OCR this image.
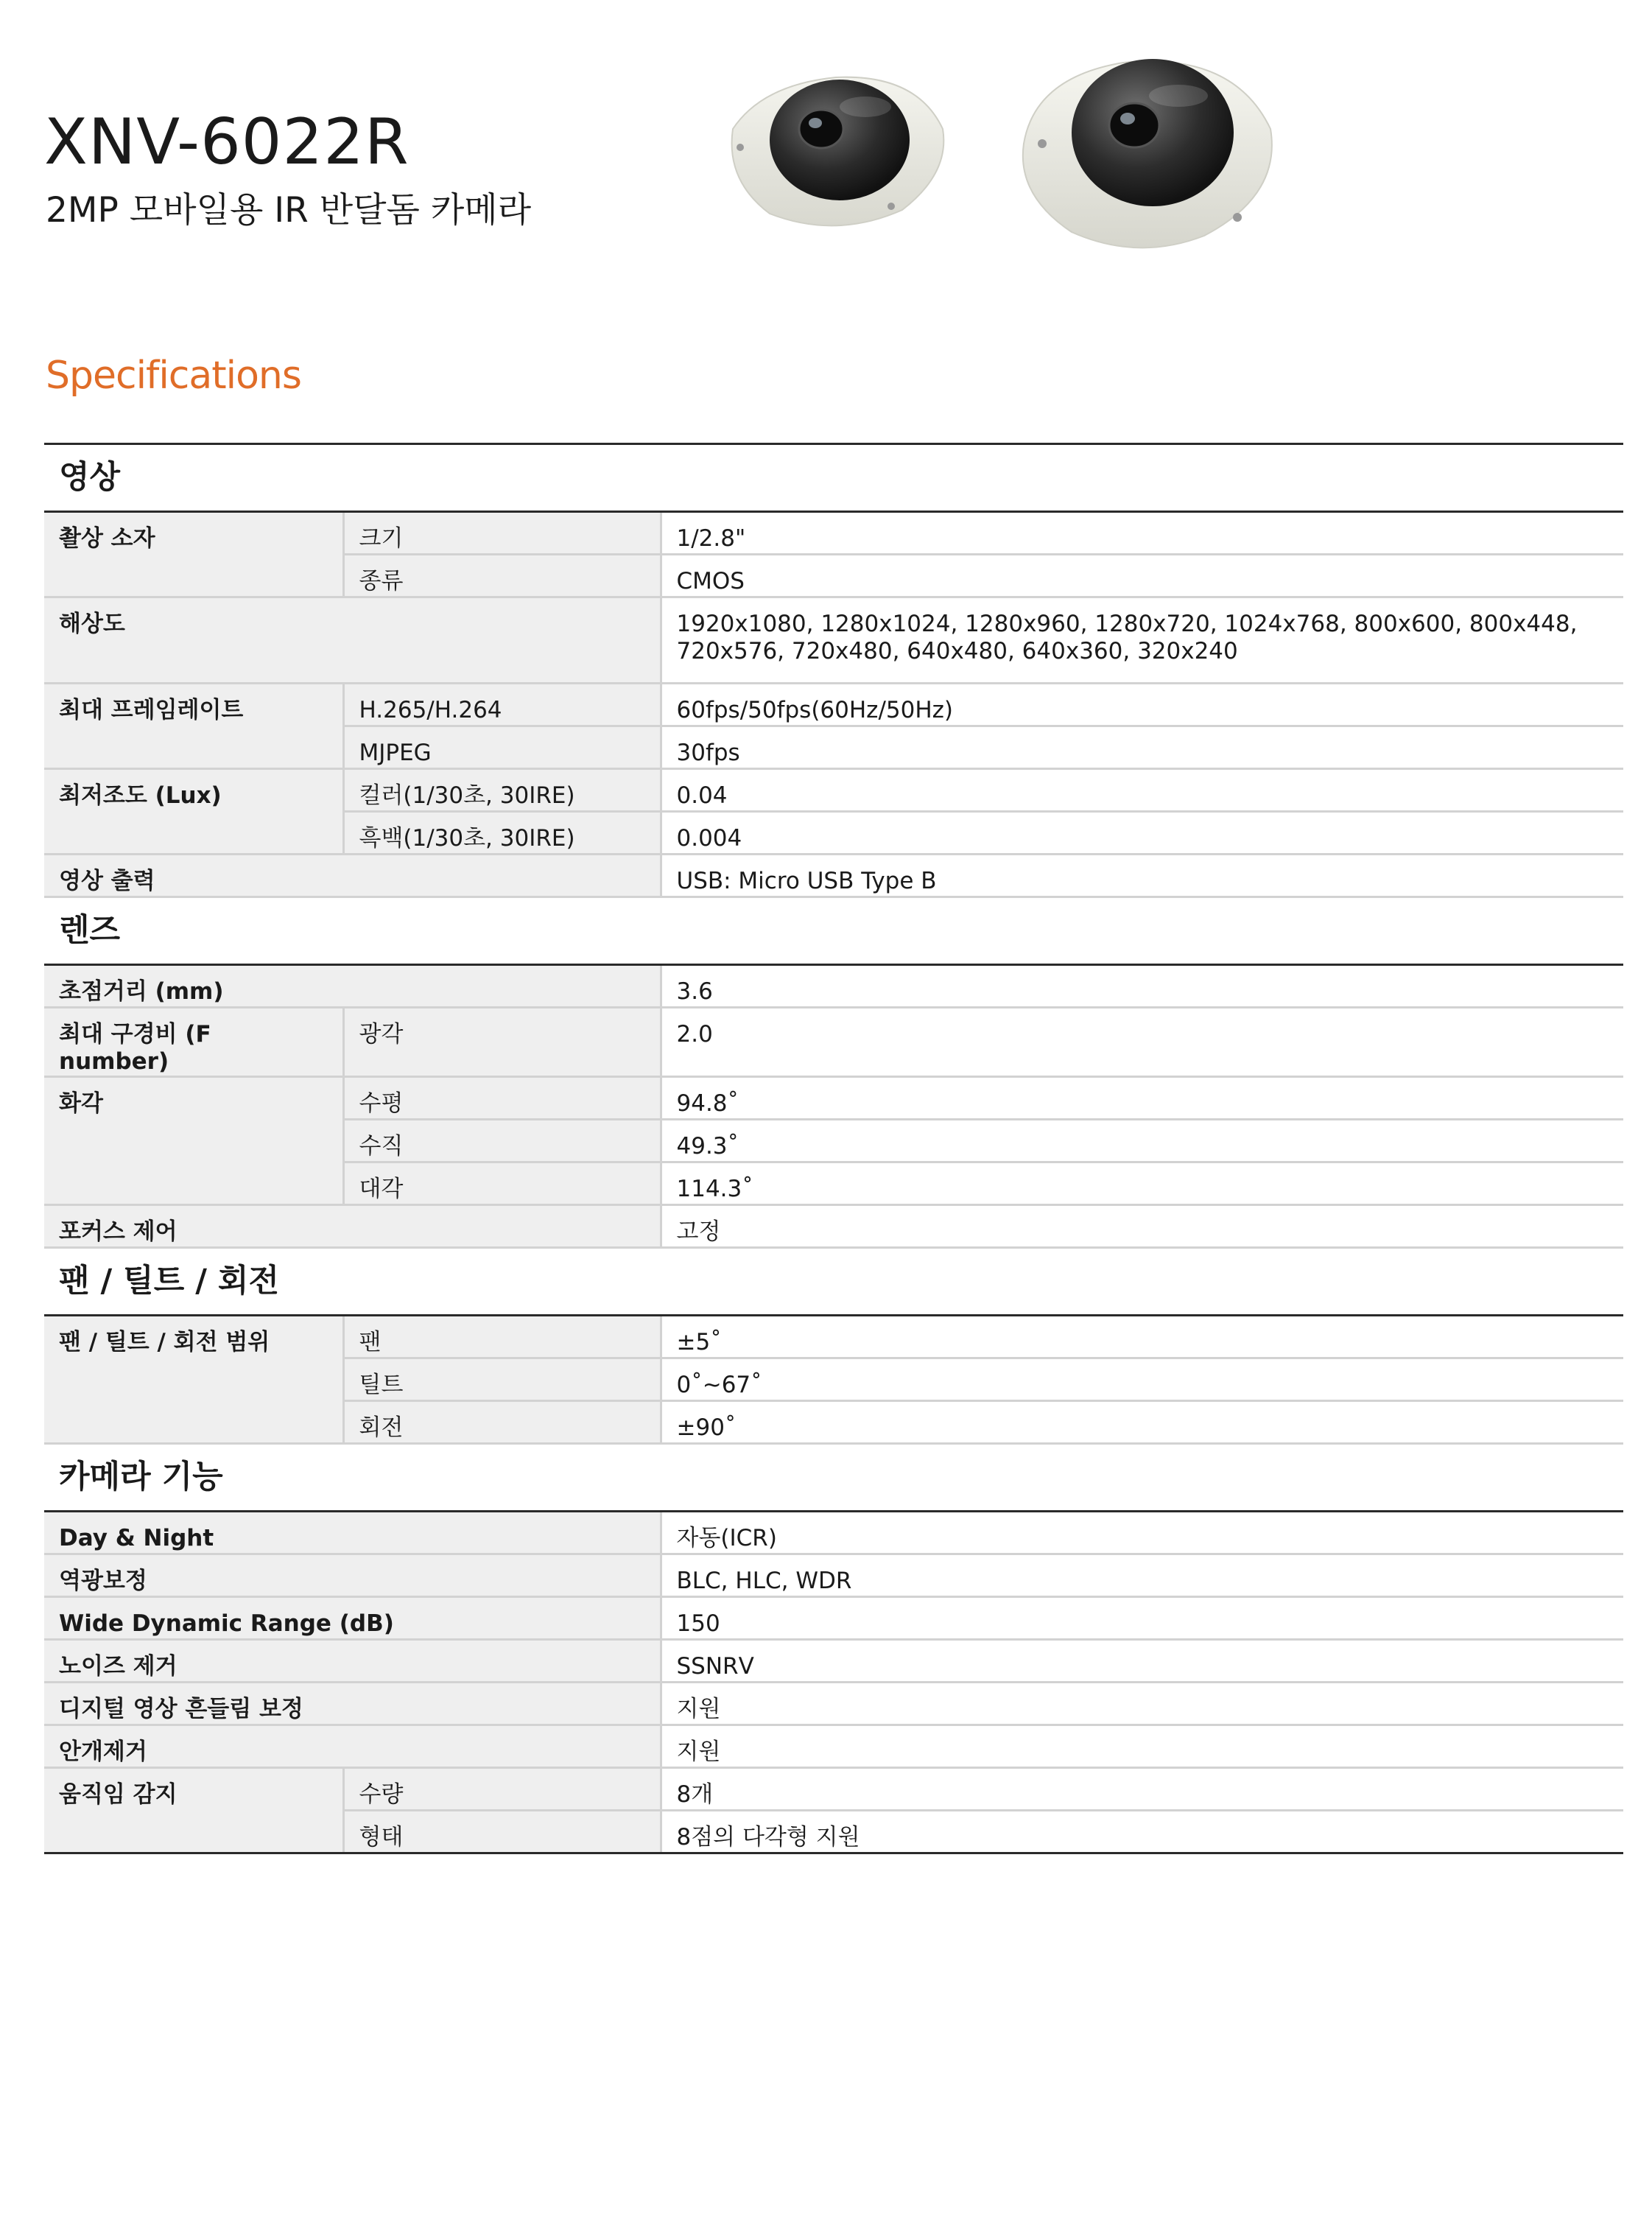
XNV-6022R
2MP 모바일용 IR 반달돔 카메라
Specifications
영상		
촬상 소자	크기	1/2.8"
	종류	CMOS
해상도		1920x1080, 1280x1024, 1280x960, 1280x720, 1024x768, 800x600, 800x448, 720x576, 720x480, 640x480, 640x360, 320x240
최대 프레임레이트	H.265/H.264	60fps/50fps(60Hz/50Hz)
	MJPEG	30fps
최저조도 (Lux)	컬러(1/30초, 30IRE)	0.04
	흑백(1/30초, 30IRE)	0.004
영상 출력		USB: Micro USB Type B
렌즈		
초점거리 (mm)		3.6
최대 구경비 (F number)	광각	2.0
화각	수평	94.8˚
	수직	49.3˚
	대각	114.3˚
포커스 제어		고정
팬 / 틸트 / 회전		
팬 / 틸트 / 회전 범위	팬	±5˚
	틸트	0˚~67˚
	회전	±90˚
카메라 기능		
Day & Night		자동(ICR)
역광보정		BLC, HLC, WDR
Wide Dynamic Range (dB)		150
노이즈 제거		SSNRⅤ
디지털 영상 흔들림 보정		지원
안개제거		지원
움직임 감지	수량	8개
	형태	8점의 다각형 지원
